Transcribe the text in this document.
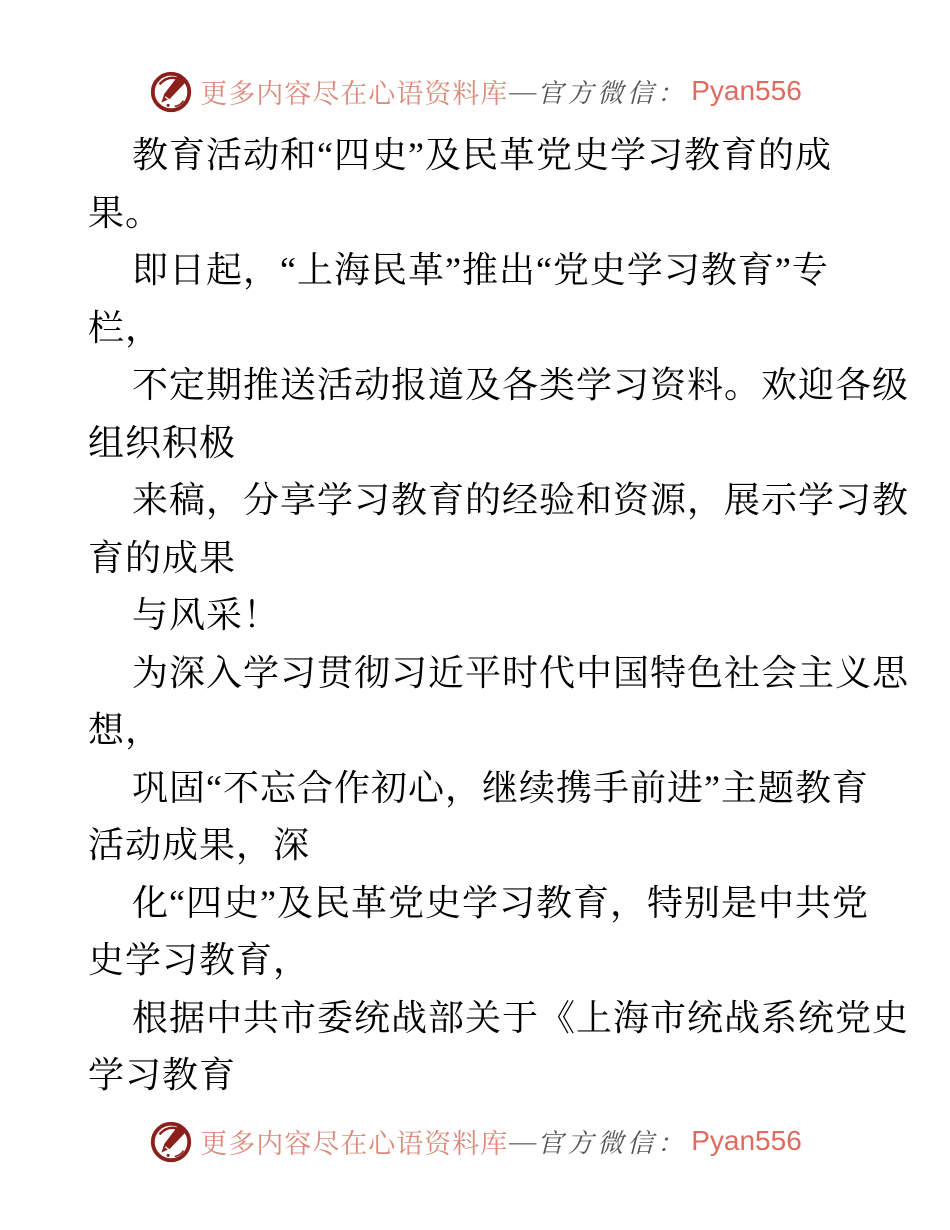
更多内容尽在心语资料库 — 官方微信： Pyan556
教育活动和“四史”及民革党史学习教育的成
果。
即日起，“上海民革”推出“党史学习教育”专
栏，
不定期推送活动报道及各类学习资料。欢迎各级
组织积极
来稿，分享学习教育的经验和资源，展示学习教
育的成果
与风采！
为深入学习贯彻习近平时代中国特色社会主义思
想，
巩固“不忘合作初心，继续携手前进”主题教育
活动成果，深
化“四史”及民革党史学习教育，特别是中共党
史学习教育，
根据中共市委统战部关于《上海市统战系统党史
学习教育
更多内容尽在心语资料库 — 官方微信： Pyan556
